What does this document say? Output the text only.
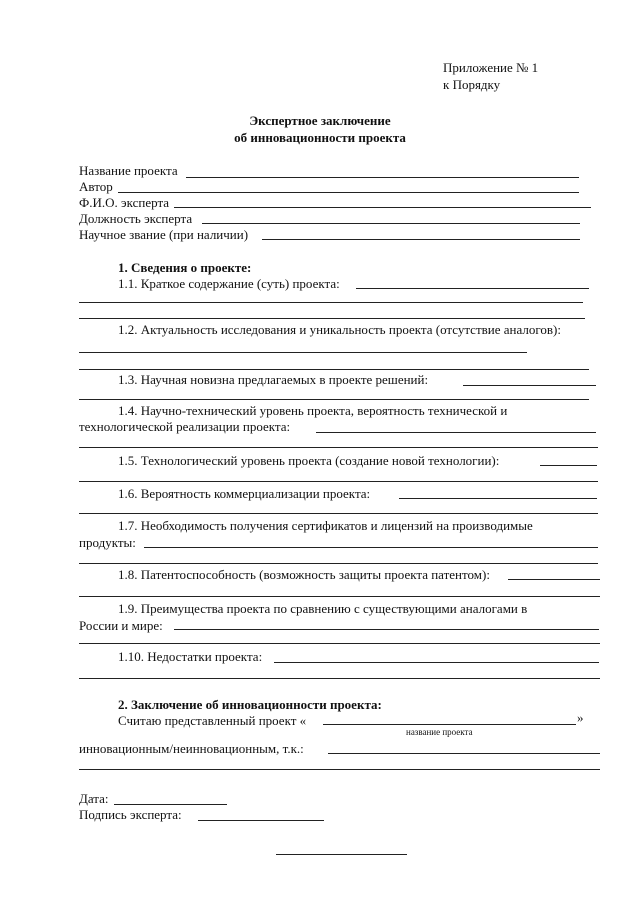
Приложение № 1
к Порядку
Экспертное заключение
об инновационности проекта
Название проекта
Автор
Ф.И.О. эксперта
Должность эксперта
Научное звание (при наличии)
1. Сведения о проекте:
1.1. Краткое содержание (суть) проекта:
1.2. Актуальность исследования и уникальность проекта (отсутствие аналогов):
1.3. Научная новизна предлагаемых в проекте решений:
1.4. Научно-технический уровень проекта, вероятность технической и
технологической реализации проекта:
1.5. Технологический уровень проекта (создание новой технологии):
1.6. Вероятность коммерциализации проекта:
1.7. Необходимость получения сертификатов и лицензий на производимые
продукты:
1.8. Патентоспособность (возможность защиты проекта патентом):
1.9. Преимущества проекта по сравнению с существующими аналогами в
России и мире:
1.10. Недостатки проекта:
2. Заключение об инновационности проекта:
Считаю представленный проект «	»
название проекта
инновационным/неинновационным, т.к.:
Дата:
Подпись эксперта:
